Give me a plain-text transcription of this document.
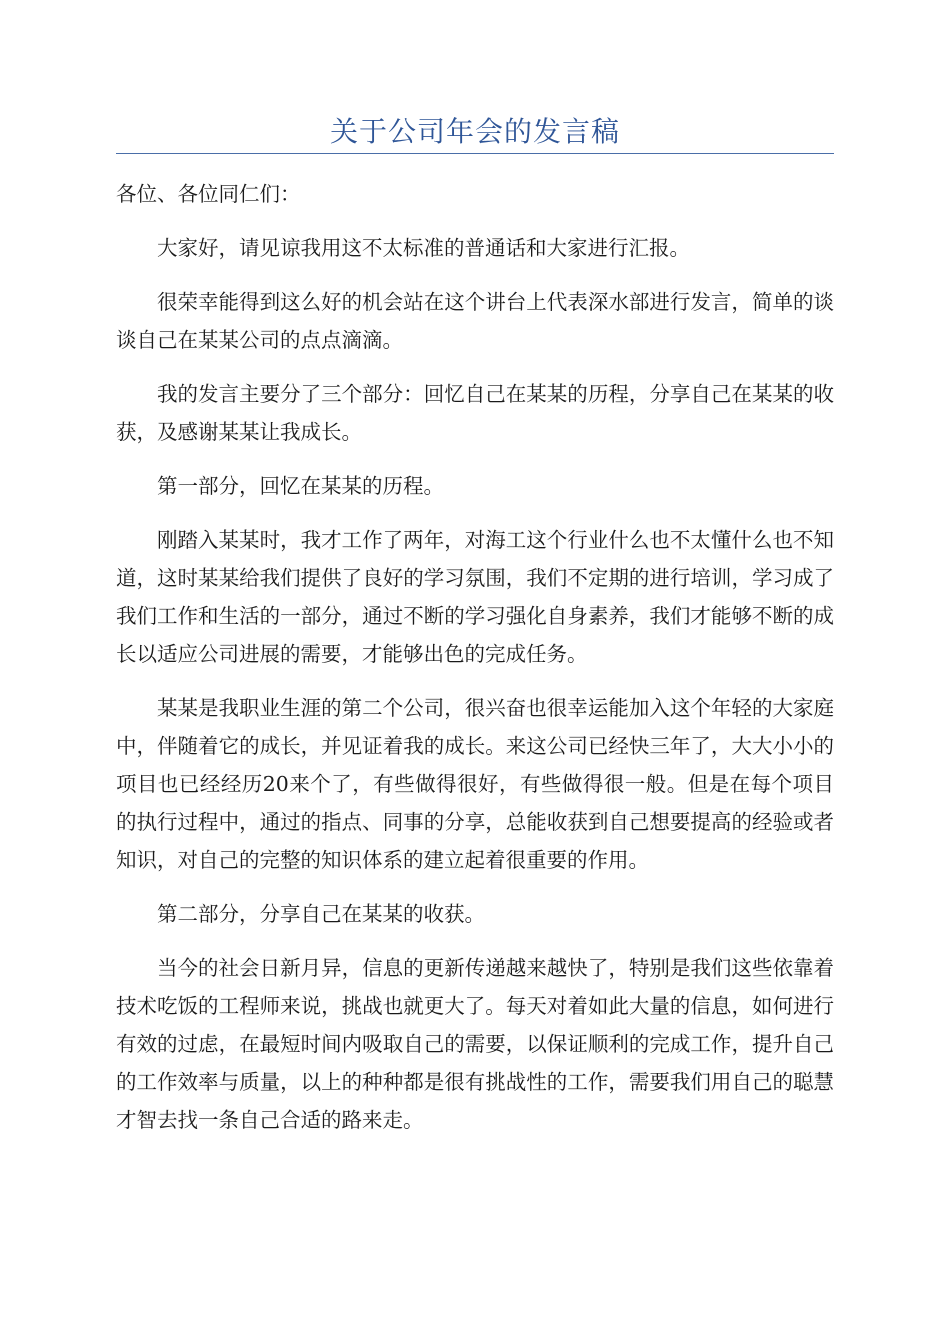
关于公司年会的发言稿

各位、各位同仁们：

大家好，请见谅我用这不太标准的普通话和大家进行汇报。

很荣幸能得到这么好的机会站在这个讲台上代表深水部进行发言，简单的谈谈自己在某某公司的点点滴滴。

我的发言主要分了三个部分：回忆自己在某某的历程，分享自己在某某的收获，及感谢某某让我成长。

第一部分，回忆在某某的历程。

刚踏入某某时，我才工作了两年，对海工这个行业什么也不太懂什么也不知道，这时某某给我们提供了良好的学习氛围，我们不定期的进行培训，学习成了我们工作和生活的一部分，通过不断的学习强化自身素养，我们才能够不断的成长以适应公司进展的需要，才能够出色的完成任务。

某某是我职业生涯的第二个公司，很兴奋也很幸运能加入这个年轻的大家庭中，伴随着它的成长，并见证着我的成长。来这公司已经快三年了，大大小小的项目也已经经历20来个了，有些做得很好，有些做得很一般。但是在每个项目的执行过程中，通过的指点、同事的分享，总能收获到自己想要提高的经验或者知识，对自己的完整的知识体系的建立起着很重要的作用。

第二部分，分享自己在某某的收获。

当今的社会日新月异，信息的更新传递越来越快了，特别是我们这些依靠着技术吃饭的工程师来说，挑战也就更大了。每天对着如此大量的信息，如何进行有效的过虑，在最短时间内吸取自己的需要，以保证顺利的完成工作，提升自己的工作效率与质量，以上的种种都是很有挑战性的工作，需要我们用自己的聪慧才智去找一条自己合适的路来走。
